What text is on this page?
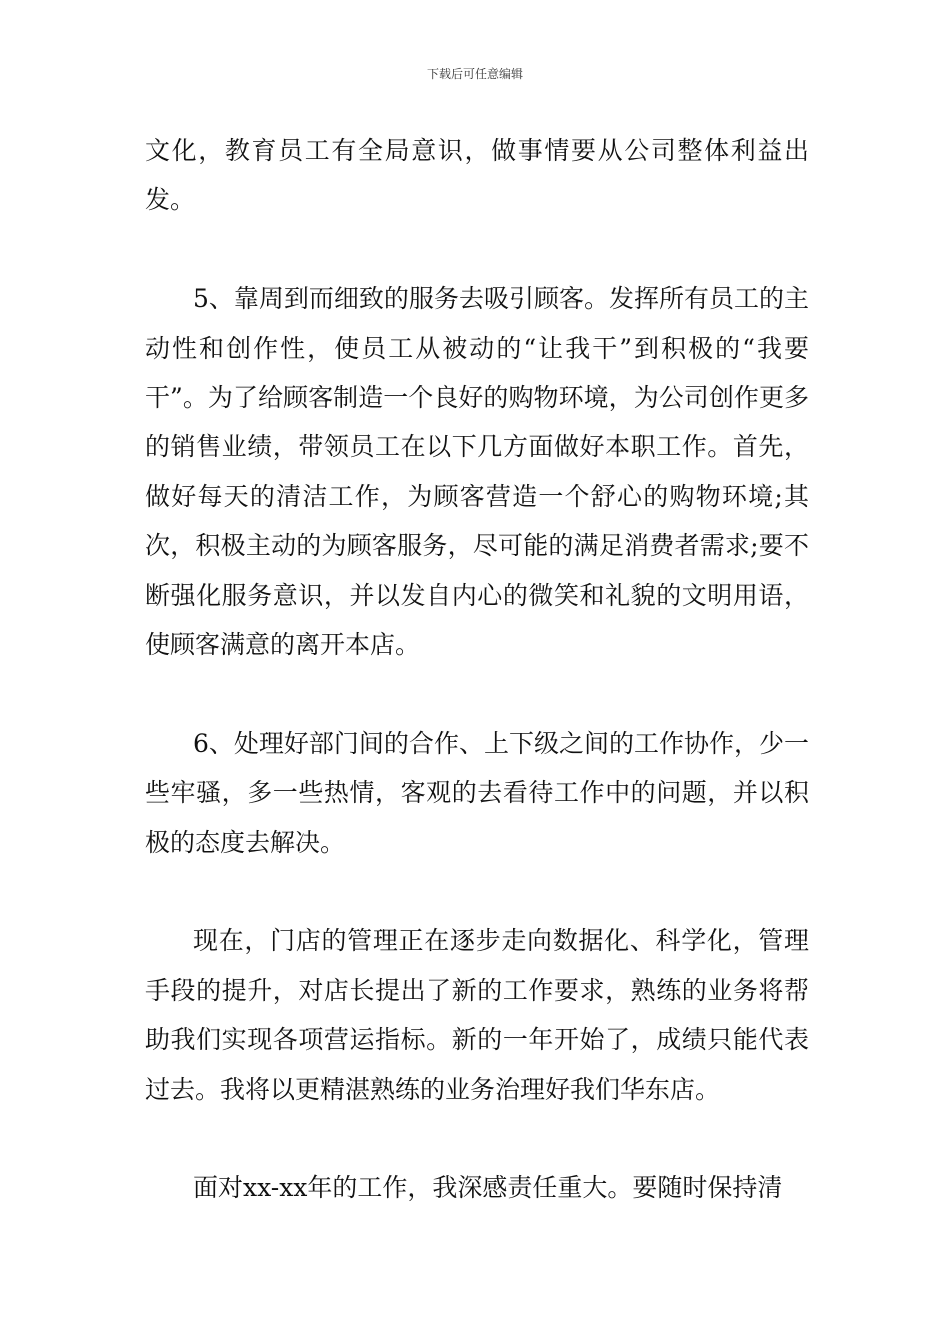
下载后可任意编辑

文化，教育员工有全局意识，做事情要从公司整体利益出发。

5、靠周到而细致的服务去吸引顾客。发挥所有员工的主动性和创作性，使员工从被动的“让我干”到积极的“我要干”。为了给顾客制造一个良好的购物环境，为公司创作更多的销售业绩，带领员工在以下几方面做好本职工作。首先，做好每天的清洁工作，为顾客营造一个舒心的购物环境;其次，积极主动的为顾客服务，尽可能的满足消费者需求;要不断强化服务意识，并以发自内心的微笑和礼貌的文明用语，使顾客满意的离开本店。

6、处理好部门间的合作、上下级之间的工作协作，少一些牢骚，多一些热情，客观的去看待工作中的问题，并以积极的态度去解决。

现在，门店的管理正在逐步走向数据化、科学化，管理手段的提升，对店长提出了新的工作要求，熟练的业务将帮助我们实现各项营运指标。新的一年开始了，成绩只能代表过去。我将以更精湛熟练的业务治理好我们华东店。

面对xx-xx年的工作，我深感责任重大。要随时保持清
